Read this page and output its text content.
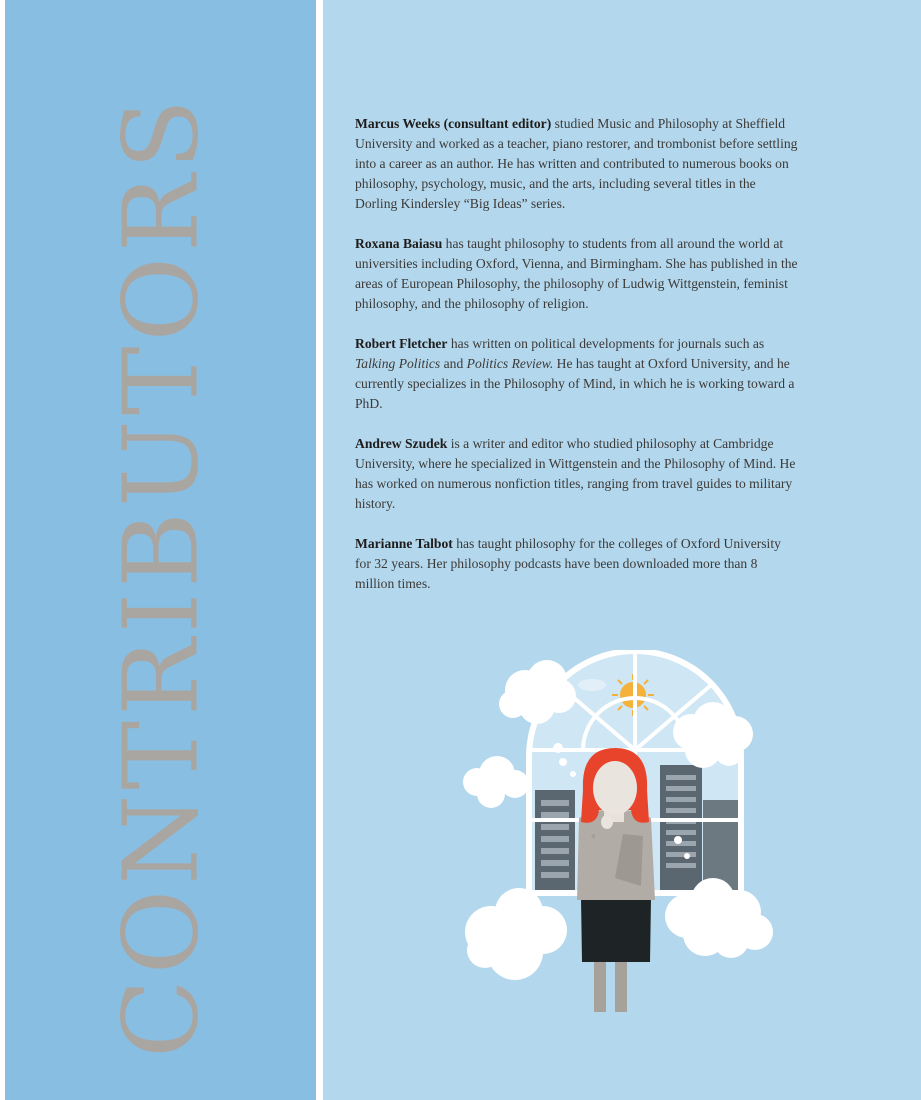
CONTRIBUTORS	Marcus Weeks (consultant editor) studied Music and Philosophy at Sheffield University and worked as a teacher, piano restorer, and trombonist before settling into a career as an author. He has written and contributed to numerous books on philosophy, psychology, music, and the arts, including several titles in the Dorling Kindersley “Big Ideas” series.

Roxana Baiasu has taught philosophy to students from all around the world at universities including Oxford, Vienna, and Birmingham. She has published in the areas of European Philosophy, the philosophy of Ludwig Wittgenstein, feminist philosophy, and the philosophy of religion.

Robert Fletcher has written on political developments for journals such as Talking Politics and Politics Review. He has taught at Oxford University, and he currently specializes in the Philosophy of Mind, in which he is working toward a PhD.

Andrew Szudek is a writer and editor who studied philosophy at Cambridge University, where he specialized in Wittgenstein and the Philosophy of Mind. He has worked on numerous nonfiction titles, ranging from travel guides to military history.

Marianne Talbot has taught philosophy for the colleges of Oxford University for 32 years. Her philosophy podcasts have been downloaded more than 8 million times.
